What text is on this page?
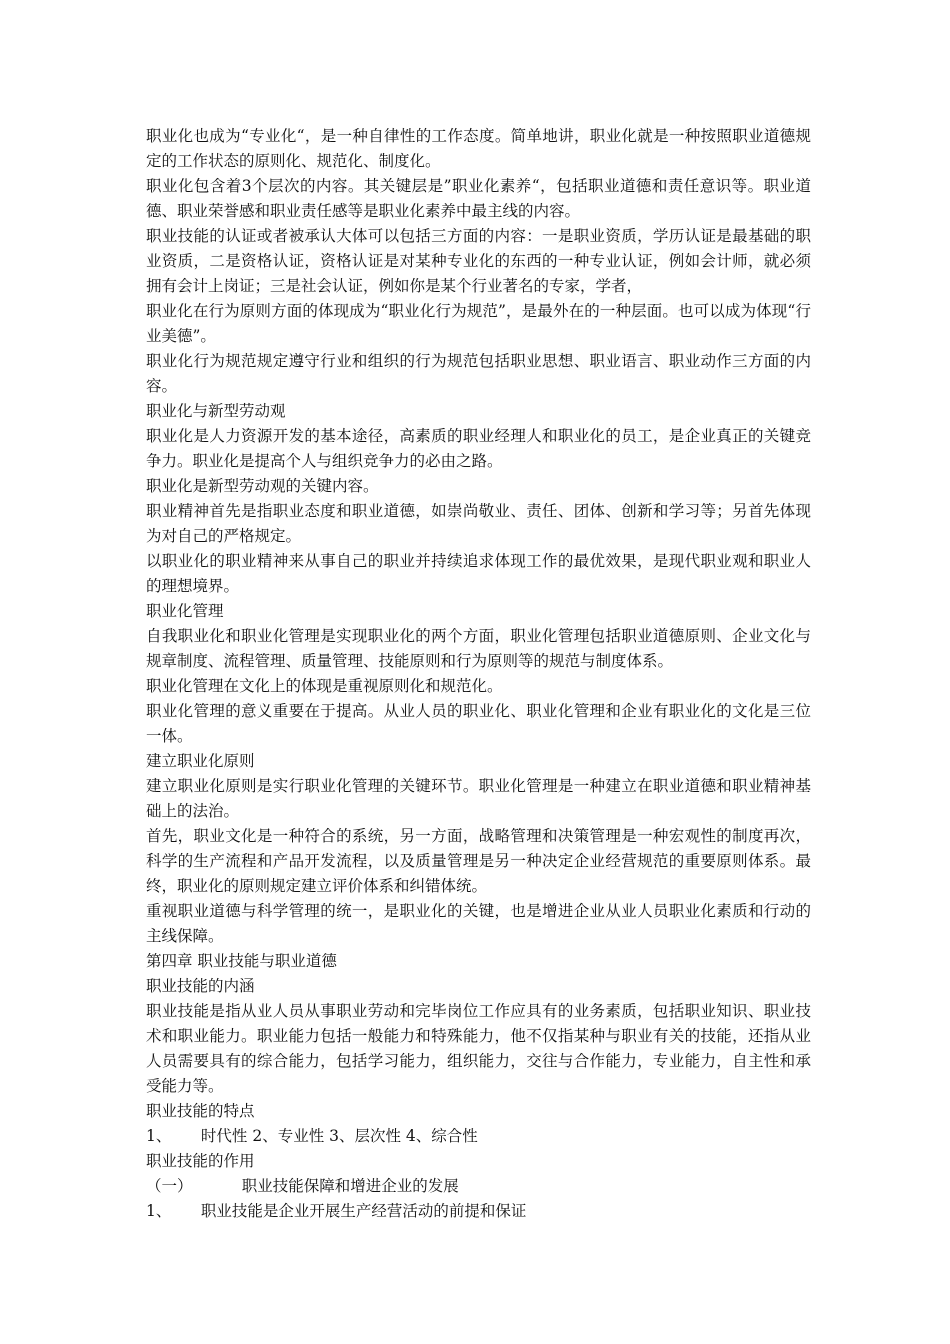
职业化也成为“专业化“，是一种自律性的工作态度。简单地讲，职业化就是一种按照职业道德规定的工作状态的原则化、规范化、制度化。

职业化包含着3个层次的内容。其关键层是”职业化素养“，包括职业道德和责任意识等。职业道德、职业荣誉感和职业责任感等是职业化素养中最主线的内容。

职业技能的认证或者被承认大体可以包括三方面的内容：一是职业资质，学历认证是最基础的职业资质，二是资格认证，资格认证是对某种专业化的东西的一种专业认证，例如会计师，就必须拥有会计上岗证；三是社会认证，例如你是某个行业著名的专家，学者，

职业化在行为原则方面的体现成为“职业化行为规范”，是最外在的一种层面。也可以成为体现“行业美德”。

职业化行为规范规定遵守行业和组织的行为规范包括职业思想、职业语言、职业动作三方面的内容。

职业化与新型劳动观

职业化是人力资源开发的基本途径，高素质的职业经理人和职业化的员工，是企业真正的关键竞争力。职业化是提高个人与组织竞争力的必由之路。

职业化是新型劳动观的关键内容。

职业精神首先是指职业态度和职业道德，如崇尚敬业、责任、团体、创新和学习等；另首先体现为对自己的严格规定。

以职业化的职业精神来从事自己的职业并持续追求体现工作的最优效果，是现代职业观和职业人的理想境界。

职业化管理

自我职业化和职业化管理是实现职业化的两个方面，职业化管理包括职业道德原则、企业文化与规章制度、流程管理、质量管理、技能原则和行为原则等的规范与制度体系。

职业化管理在文化上的体现是重视原则化和规范化。

职业化管理的意义重要在于提高。从业人员的职业化、职业化管理和企业有职业化的文化是三位一体。

建立职业化原则

建立职业化原则是实行职业化管理的关键环节。职业化管理是一种建立在职业道德和职业精神基础上的法治。

首先，职业文化是一种符合的系统，另一方面，战略管理和决策管理是一种宏观性的制度再次，科学的生产流程和产品开发流程，以及质量管理是另一种决定企业经营规范的重要原则体系。最终，职业化的原则规定建立评价体系和纠错体统。

重视职业道德与科学管理的统一，是职业化的关键，也是增进企业从业人员职业化素质和行动的主线保障。

第四章 职业技能与职业道德

职业技能的内涵

职业技能是指从业人员从事职业劳动和完毕岗位工作应具有的业务素质，包括职业知识、职业技术和职业能力。职业能力包括一般能力和特殊能力，他不仅指某种与职业有关的技能，还指从业人员需要具有的综合能力，包括学习能力，组织能力，交往与合作能力，专业能力，自主性和承受能力等。

职业技能的特点

1、      时代性 2、专业性 3、层次性 4、综合性

职业技能的作用

（一）          职业技能保障和增进企业的发展

1、      职业技能是企业开展生产经营活动的前提和保证
